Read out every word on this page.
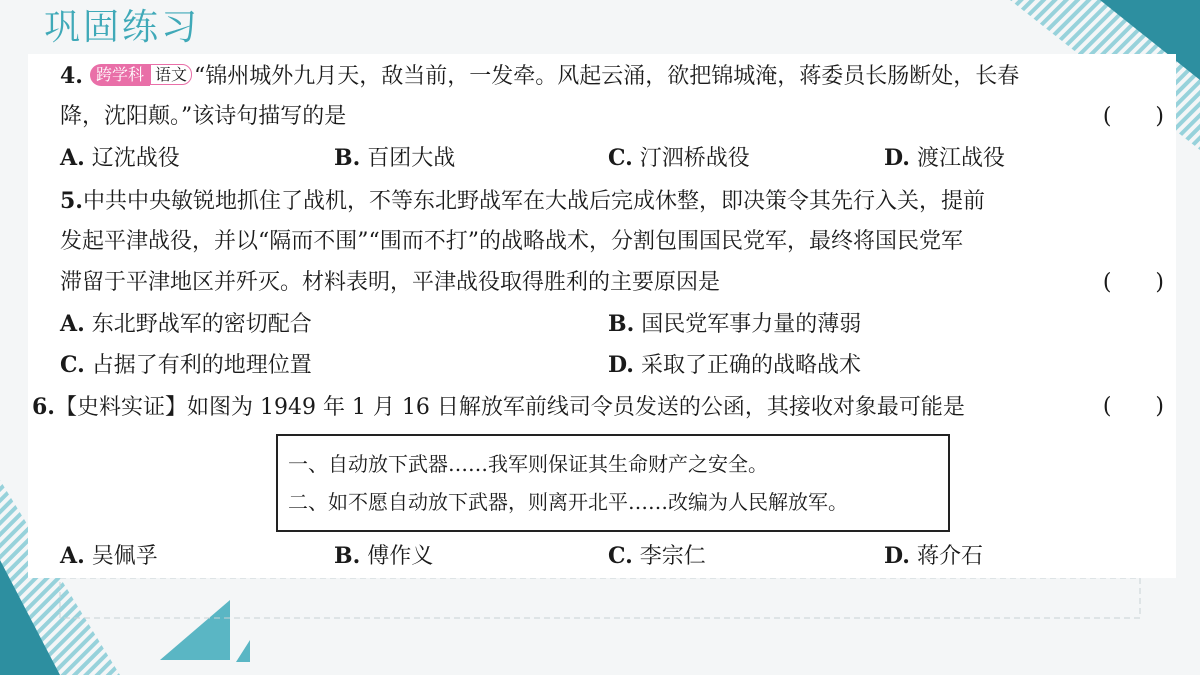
巩固练习
4. 跨学科 语文 “锦州城外九月天，敌当前，一发牵。风起云涌，欲把锦城淹，蒋委员长肠断处，长春
降，沈阳颠。”该诗句描写的是	(　　)
A. 辽沈战役	B. 百团大战	C. 汀泗桥战役	D. 渡江战役
5.中共中央敏锐地抓住了战机，不等东北野战军在大战后完成休整，即决策令其先行入关，提前
发起平津战役，并以“隔而不围”“围而不打”的战略战术，分割包围国民党军，最终将国民党军
滞留于平津地区并歼灭。材料表明，平津战役取得胜利的主要原因是	(　　)
A. 东北野战军的密切配合	B. 国民党军事力量的薄弱
C. 占据了有利的地理位置	D. 采取了正确的战略战术
6.【史料实证】如图为 1949 年 1 月 16 日解放军前线司令员发送的公函，其接收对象最可能是	(　　)
一、自动放下武器……我军则保证其生命财产之安全。
二、如不愿自动放下武器，则离开北平……改编为人民解放军。
A. 吴佩孚	B. 傅作义	C. 李宗仁	D. 蒋介石
